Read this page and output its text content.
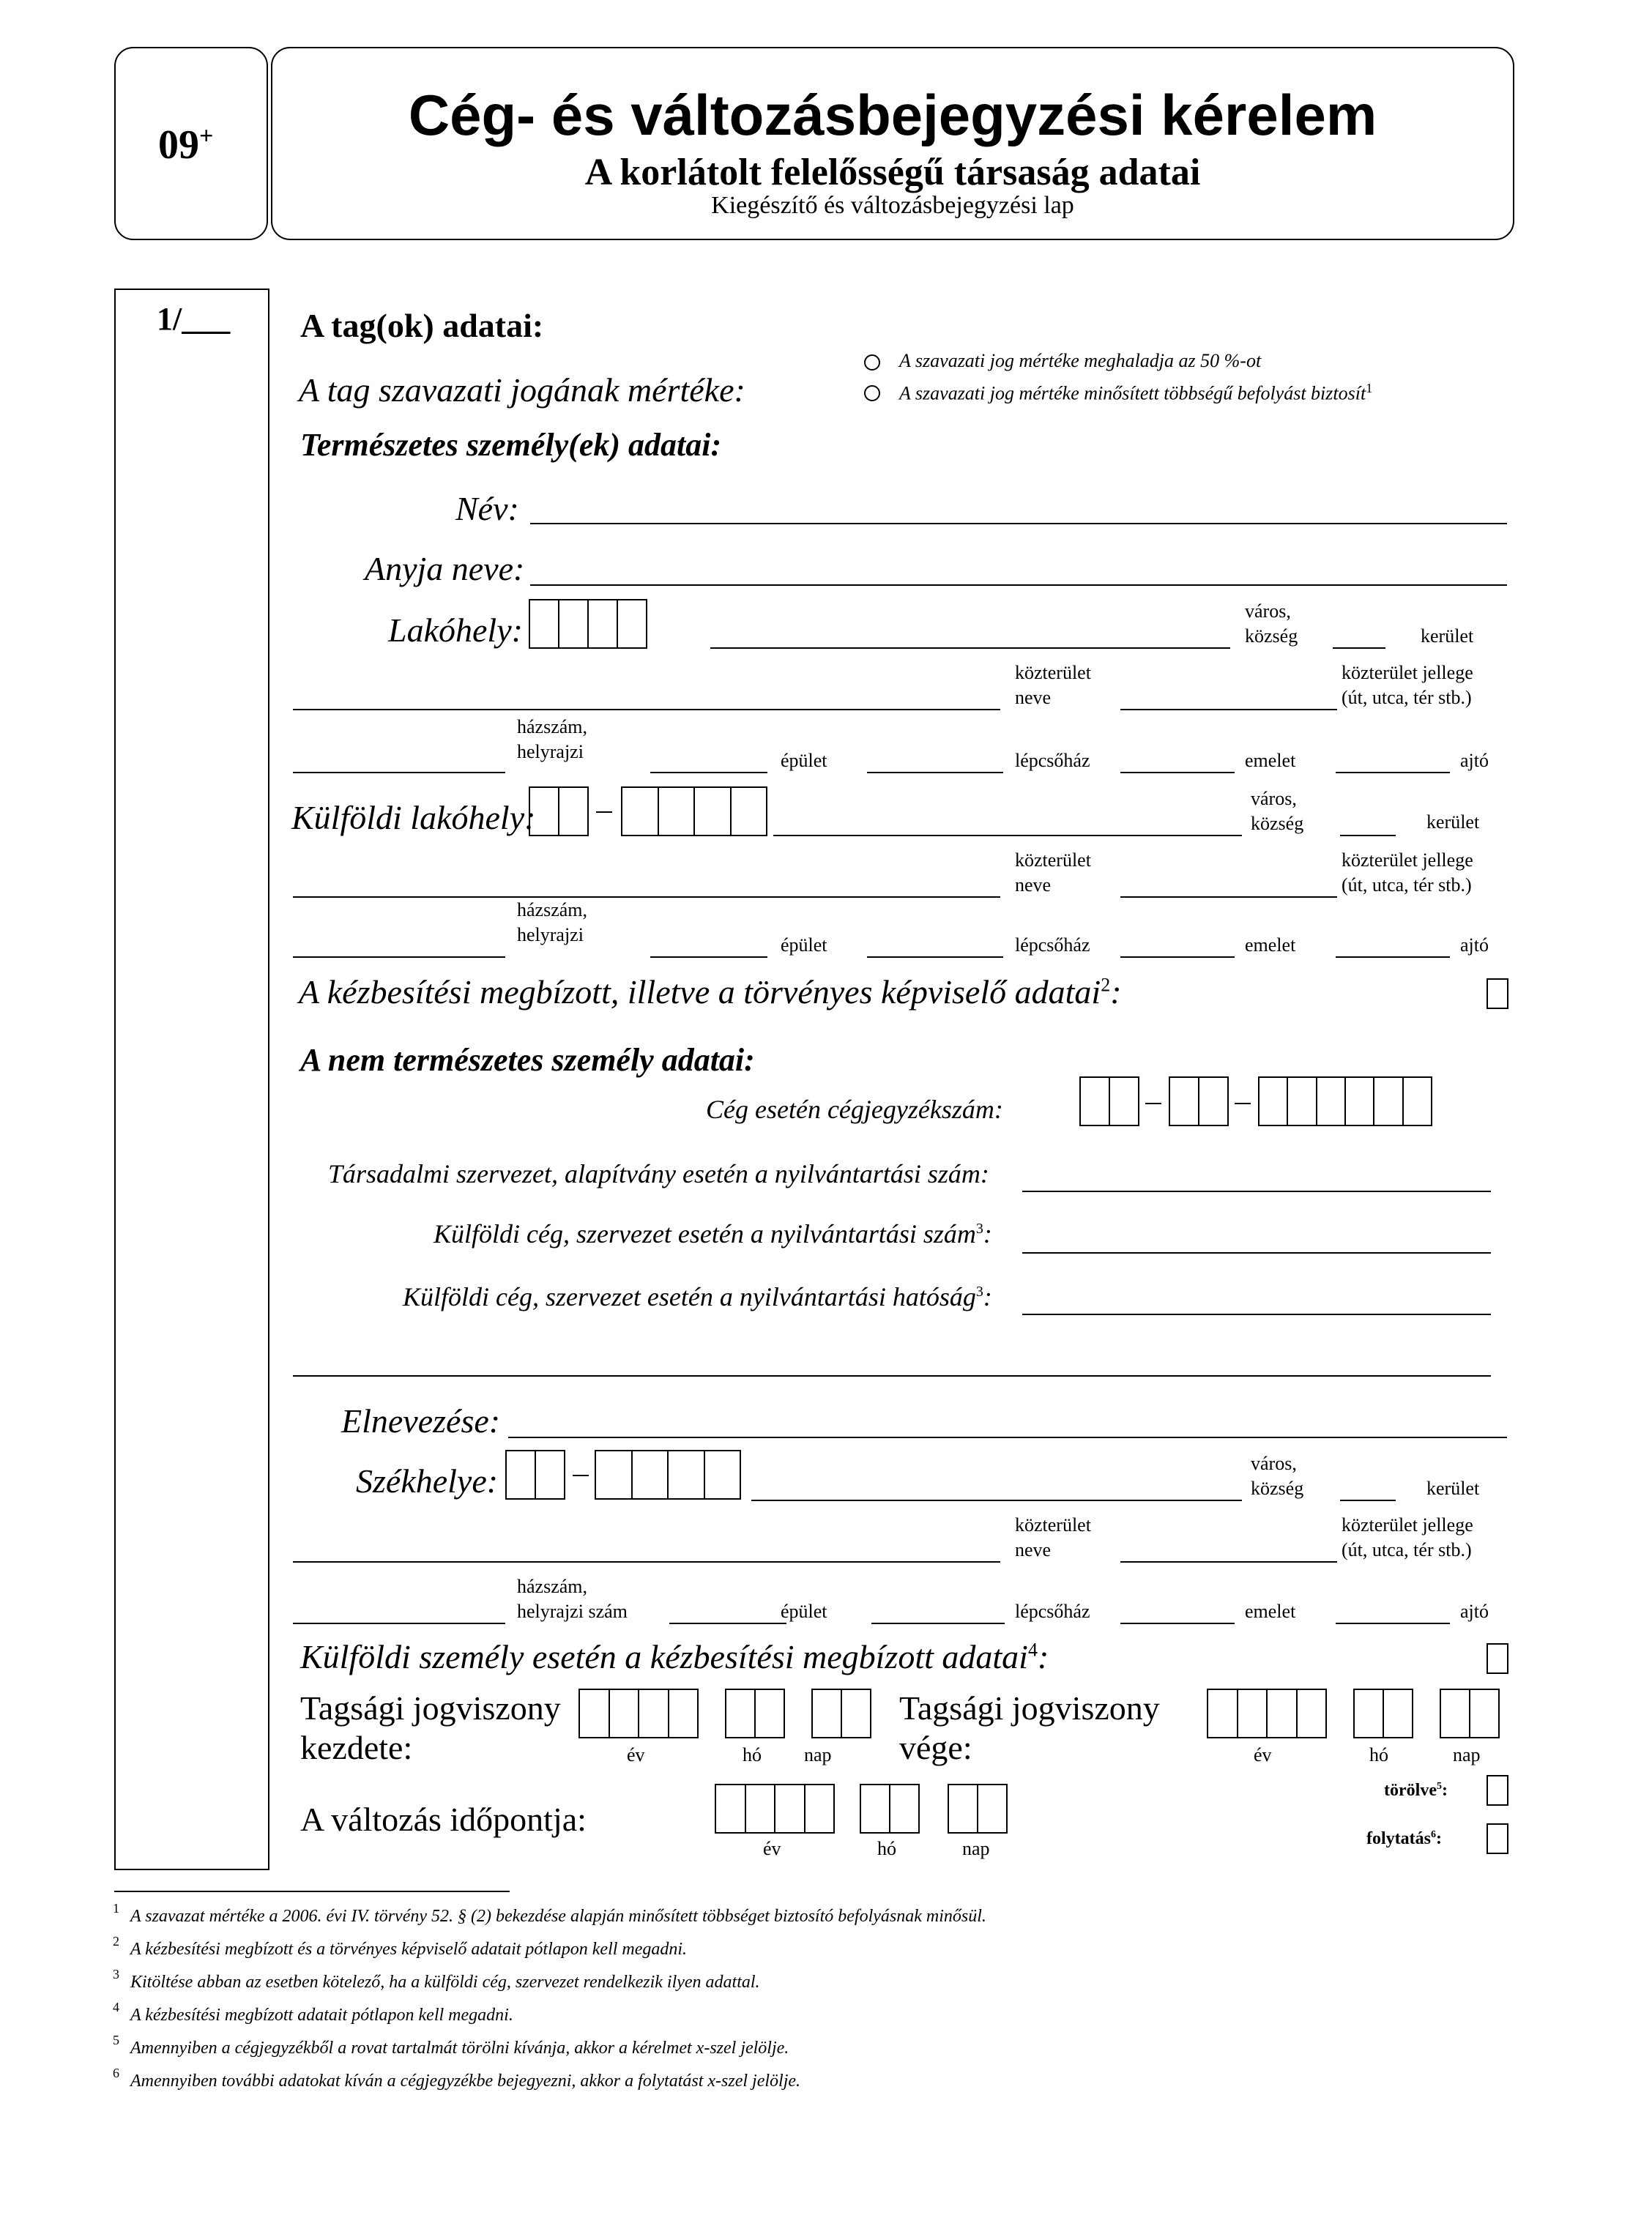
09+	Cég- és változásbejegyzési kérelem
A korlátolt felelősségű társaság adatai
Kiegészítő és változásbejegyzési lap
1/___ A tag(ok) adatai:
A tag szavazati jogának mértéke:
A szavazati jog mértéke meghaladja az 50 %-ot
A szavazati jog mértéke minősített többségű befolyást biztosít$^1$
Természetes személy(ek) adatai:
Név:
Anyja neve:
Lakóhely:
város,
község	kerület
közterület
neve
közterület jellege
(út, utca, tér stb.)
házszám,
helyrajzi	épület	lépcsőház	emelet	ajtó
Külföldi lakóhely:
város,
község	kerület
közterület
neve
közterület jellege
(út, utca, tér stb.)
házszám,
helyrajzi	épület	lépcsőház	emelet	ajtó
A kézbesítési megbízott, illetve a törvényes képviselő adatai$^2$:
A nem természetes személy adatai:
Cég esetén cégjegyzékszám:
Társadalmi szervezet, alapítvány esetén a nyilvántartási szám:
Külföldi cég, szervezet esetén a nyilvántartási szám$^3$:
Külföldi cég, szervezet esetén a nyilvántartási hatóság$^3$:
Elnevezése:
Székhelye:	város,
község	kerület
közterület
neve
közterület jellege
(út, utca, tér stb.)
házszám,
helyrajzi szám	épület	lépcsőház	emelet	ajtó
Külföldi személy esetén a kézbesítési megbízott adatai$^4$:
Tagsági jogviszony
kezdete:	év	hó nap
Tagsági jogviszony
vége:	év	hó	nap
A változás időpontja:
év	hó	nap
törölve$^5$:
folytatás$^6$:
1 A szavazat mértéke a 2006. évi IV. törvény 52. § (2) bekezdése alapján minősített többséget biztosító befolyásnak minősül.
2 A kézbesítési megbízott és a törvényes képviselő adatait pótlapon kell megadni.
3 Kitöltése abban az esetben kötelező, ha a külföldi cég, szervezet rendelkezik ilyen adattal.
4 A kézbesítési megbízott adatait pótlapon kell megadni.
5 Amennyiben a cégjegyzékből a rovat tartalmát törölni kívánja, akkor a kérelmet x-szel jelölje.
6 Amennyiben további adatokat kíván a cégjegyzékbe bejegyezni, akkor a folytatást x-szel jelölje.
